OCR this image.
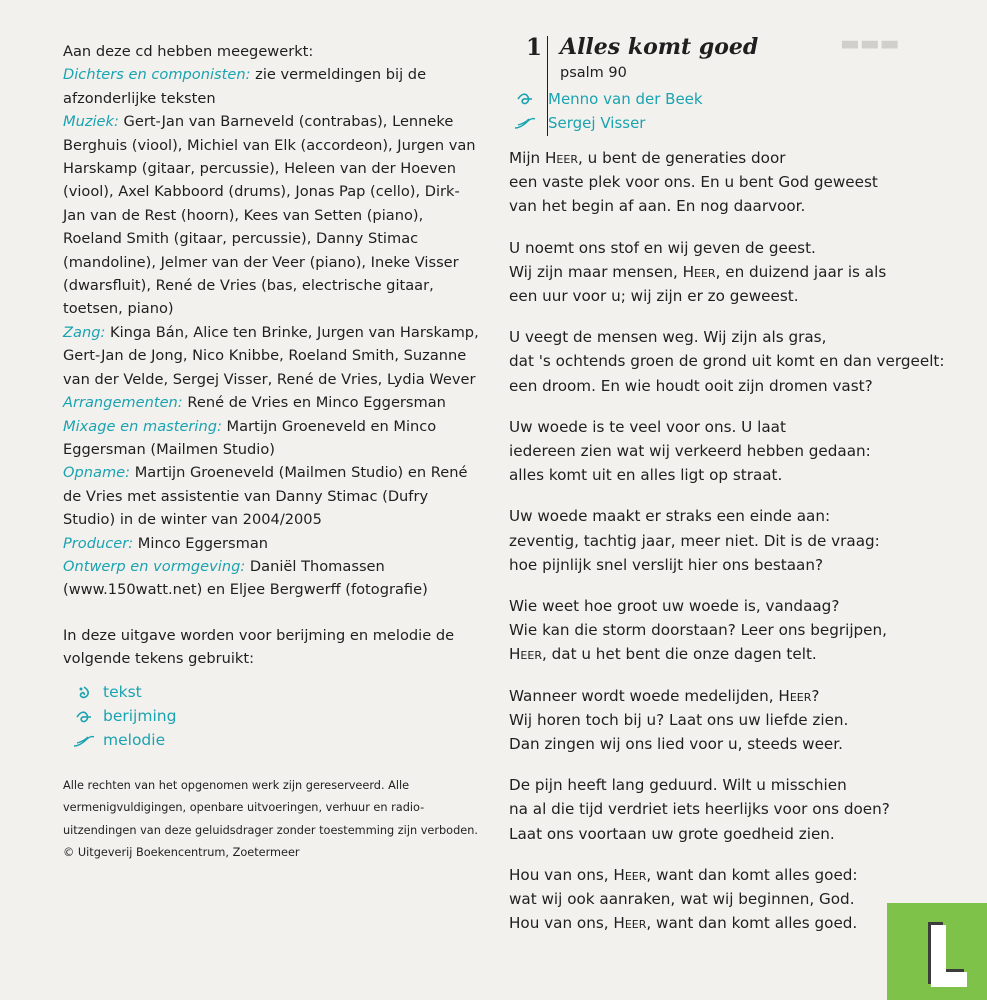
▬▬▬

Aan deze cd hebben meegewerkt:

Dichters en componisten: zie vermeldingen bij de afzonderlijke teksten

Muziek: Gert-Jan van Barneveld (contrabas), Lenneke Berghuis (viool), Michiel van Elk (accordeon), Jurgen van Harskamp (gitaar, percussie), Heleen van der Hoeven (viool), Axel Kabboord (drums), Jonas Pap (cello), Dirk-Jan van de Rest (hoorn), Kees van Setten (piano), Roeland Smith (gitaar, percussie), Danny Stimac (mandoline), Jelmer van der Veer (piano), Ineke Visser (dwarsfluit), René de Vries (bas, electrische gitaar, toetsen, piano)

Zang: Kinga Bán, Alice ten Brinke, Jurgen van Harskamp, Gert-Jan de Jong, Nico Knibbe, Roeland Smith, Suzanne van der Velde, Sergej Visser, René de Vries, Lydia Wever

Arrangementen: René de Vries en Minco Eggersman

Mixage en mastering: Martijn Groeneveld en Minco Eggersman (Mailmen Studio)

Opname: Martijn Groeneveld (Mailmen Studio) en René de Vries met assistentie van Danny Stimac (Dufry Studio) in de winter van 2004/2005

Producer: Minco Eggersman

Ontwerp en vormgeving: Daniël Thomassen (www.150watt.net) en Eljee Bergwerff (fotografie)

In deze uitgave worden voor berijming en melodie de volgende tekens gebruikt:

tekst
berijming
melodie
Alle rechten van het opgenomen werk zijn gereserveerd. Alle vermenigvuldigingen, openbare uitvoeringen, verhuur en radio-uitzendingen van deze geluidsdrager zonder toestemming zijn verboden.
© Uitgeverij Boekencentrum, Zoetermeer
1 Alles komt goed
psalm 90
Menno van der Beek
Sergej Visser
Mijn Heer, u bent de generaties door
een vaste plek voor ons. En u bent God geweest
van het begin af aan. En nog daarvoor.
U noemt ons stof en wij geven de geest.
Wij zijn maar mensen, Heer, en duizend jaar is als
een uur voor u; wij zijn er zo geweest.
U veegt de mensen weg. Wij zijn als gras,
dat 's ochtends groen de grond uit komt en dan vergeelt:
een droom. En wie houdt ooit zijn dromen vast?
Uw woede is te veel voor ons. U laat
iedereen zien wat wij verkeerd hebben gedaan:
alles komt uit en alles ligt op straat.
Uw woede maakt er straks een einde aan:
zeventig, tachtig jaar, meer niet. Dit is de vraag:
hoe pijnlijk snel verslijt hier ons bestaan?
Wie weet hoe groot uw woede is, vandaag?
Wie kan die storm doorstaan? Leer ons begrijpen,
Heer, dat u het bent die onze dagen telt.
Wanneer wordt woede medelijden, Heer?
Wij horen toch bij u? Laat ons uw liefde zien.
Dan zingen wij ons lied voor u, steeds weer.
De pijn heeft lang geduurd. Wilt u misschien
na al die tijd verdriet iets heerlijks voor ons doen?
Laat ons voortaan uw grote goedheid zien.
Hou van ons, Heer, want dan komt alles goed:
wat wij ook aanraken, wat wij beginnen, God.
Hou van ons, Heer, want dan komt alles goed.
